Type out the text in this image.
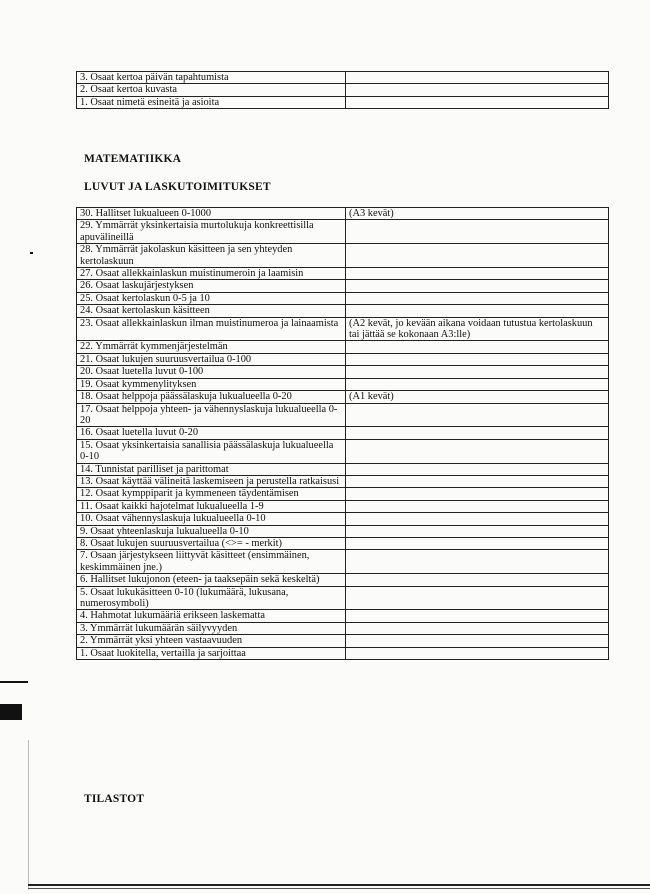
3. Osaat kertoa päivän tapahtumista	
2. Osaat kertoa kuvasta	
1. Osaat nimetä esineitä ja asioita	
MATEMATIIKKA
LUVUT JA LASKUTOIMITUKSET
30. Hallitset lukualueen 0-1000	(A3 kevät)
29. Ymmärrät yksinkertaisia murtolukuja konkreettisilla apuvälineillä	
28. Ymmärrät jakolaskun käsitteen ja sen yhteyden kertolaskuun	
27. Osaat allekkainlaskun muistinumeroin ja laamisin	
26. Osaat laskujärjestyksen	
25. Osaat kertolaskun 0-5 ja 10	
24. Osaat kertolaskun käsitteen	
23. Osaat allekkainlaskun ilman muistinumeroa ja lainaamista	(A2 kevät, jo kevään aikana voidaan tutustua kertolaskuun tai jättää se kokonaan A3:lle)
22. Ymmärrät kymmenjärjestelmän	
21. Osaat lukujen suuruusvertailua 0-100	
20. Osaat luetella luvut 0-100	
19. Osaat kymmenylityksen	
18. Osaat helppoja päässälaskuja lukualueella 0-20	(A1 kevät)
17. Osaat helppoja yhteen- ja vähennyslaskuja lukualueella 0-20	
16. Osaat luetella luvut 0-20	
15. Osaat yksinkertaisia sanallisia päässälaskuja lukualueella 0-10	
14. Tunnistat parilliset ja parittomat	
13. Osaat käyttää välineitä laskemiseen ja perustella ratkaisusi	
12. Osaat kymppiparit ja kymmeneen täydentämisen	
11. Osaat kaikki hajotelmat lukualueella 1-9	
10. Osaat vähennyslaskuja lukualueella 0-10	
9. Osaat yhteenlaskuja lukualueella 0-10	
8. Osaat lukujen suuruusvertailua (<>= - merkit)	
7. Osaan järjestykseen liittyvät käsitteet (ensimmäinen, keskimmäinen jne.)	
6. Hallitset lukujonon (eteen- ja taaksepäin sekä keskeltä)	
5. Osaat lukukäsitteen 0-10 (lukumäärä, lukusana, numerosymboli)	
4. Hahmotat lukumääriä erikseen laskematta	
3. Ymmärrät lukumäärän säilyvyyden	
2. Ymmärrät yksi yhteen vastaavuuden	
1. Osaat luokitella, vertailla ja sarjoittaa	
TILASTOT
